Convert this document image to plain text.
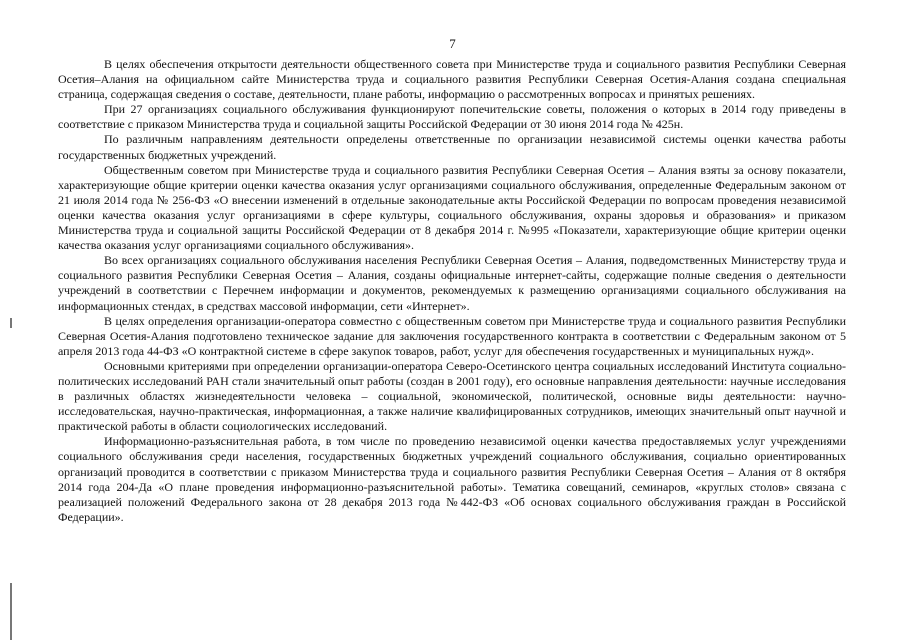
7

В целях обеспечения открытости деятельности общественного совета при Министерстве труда и социального развития Республики Северная Осетия–Алания на официальном сайте Министерства труда и социального развития Республики Северная Осетия-Алания создана специальная страница, содержащая сведения о составе, деятельности, плане работы, информацию о рассмотренных вопросах и принятых решениях.

При 27 организациях социального обслуживания функционируют попечительские советы, положения о которых в 2014 году приведены в соответствие с приказом Министерства труда и социальной защиты Российской Федерации от 30 июня 2014 года № 425н.

По различным направлениям деятельности определены ответственные по организации независимой системы оценки качества работы государственных бюджетных учреждений.

Общественным советом при Министерстве труда и социального развития Республики Северная Осетия – Алания взяты за основу показатели, характеризующие общие критерии оценки качества оказания услуг организациями социального обслуживания, определенные Федеральным законом от 21 июля 2014 года № 256-ФЗ «О внесении изменений в отдельные законодательные акты Российской Федерации по вопросам проведения независимой оценки качества оказания услуг организациями в сфере культуры, социального обслуживания, охраны здоровья и образования» и приказом Министерства труда и социальной защиты Российской Федерации от 8 декабря 2014 г. №995 «Показатели, характеризующие общие критерии оценки качества оказания услуг организациями социального обслуживания».

Во всех организациях социального обслуживания населения Республики Северная Осетия – Алания, подведомственных Министерству труда и социального развития Республики Северная Осетия – Алания, созданы официальные интернет-сайты, содержащие полные сведения о деятельности учреждений в соответствии с Перечнем информации и документов, рекомендуемых к размещению организациями социального обслуживания на информационных стендах, в средствах массовой информации, сети «Интернет».

В целях определения организации-оператора совместно с общественным советом при Министерстве труда и социального развития Республики Северная Осетия-Алания подготовлено техническое задание для заключения государственного контракта в соответствии с Федеральным законом от 5 апреля 2013 года 44-ФЗ «О контрактной системе в сфере закупок товаров, работ, услуг для обеспечения государственных и муниципальных нужд».

Основными критериями при определении организации-оператора Северо-Осетинского центра социальных исследований Института социально-политических исследований РАН стали значительный опыт работы (создан в 2001 году), его основные направления деятельности: научные исследования в различных областях жизнедеятельности человека – социальной, экономической, политической, основные виды деятельности: научно-исследовательская, научно-практическая, информационная, а также наличие квалифицированных сотрудников, имеющих значительный опыт научной и практической работы в области социологических исследований.

Информационно-разъяснительная работа, в том числе по проведению независимой оценки качества предоставляемых услуг учреждениями социального обслуживания среди населения, государственных бюджетных учреждений социального обслуживания, социально ориентированных организаций проводится в соответствии с приказом Министерства труда и социального развития Республики Северная Осетия – Алания от 8 октября 2014 года 204-Да «О плане проведения информационно-разъяснительной работы». Тематика совещаний, семинаров, «круглых столов» связана с реализацией положений Федерального закона от 28 декабря 2013 года №442-ФЗ «Об основах социального обслуживания граждан в Российской Федерации».
